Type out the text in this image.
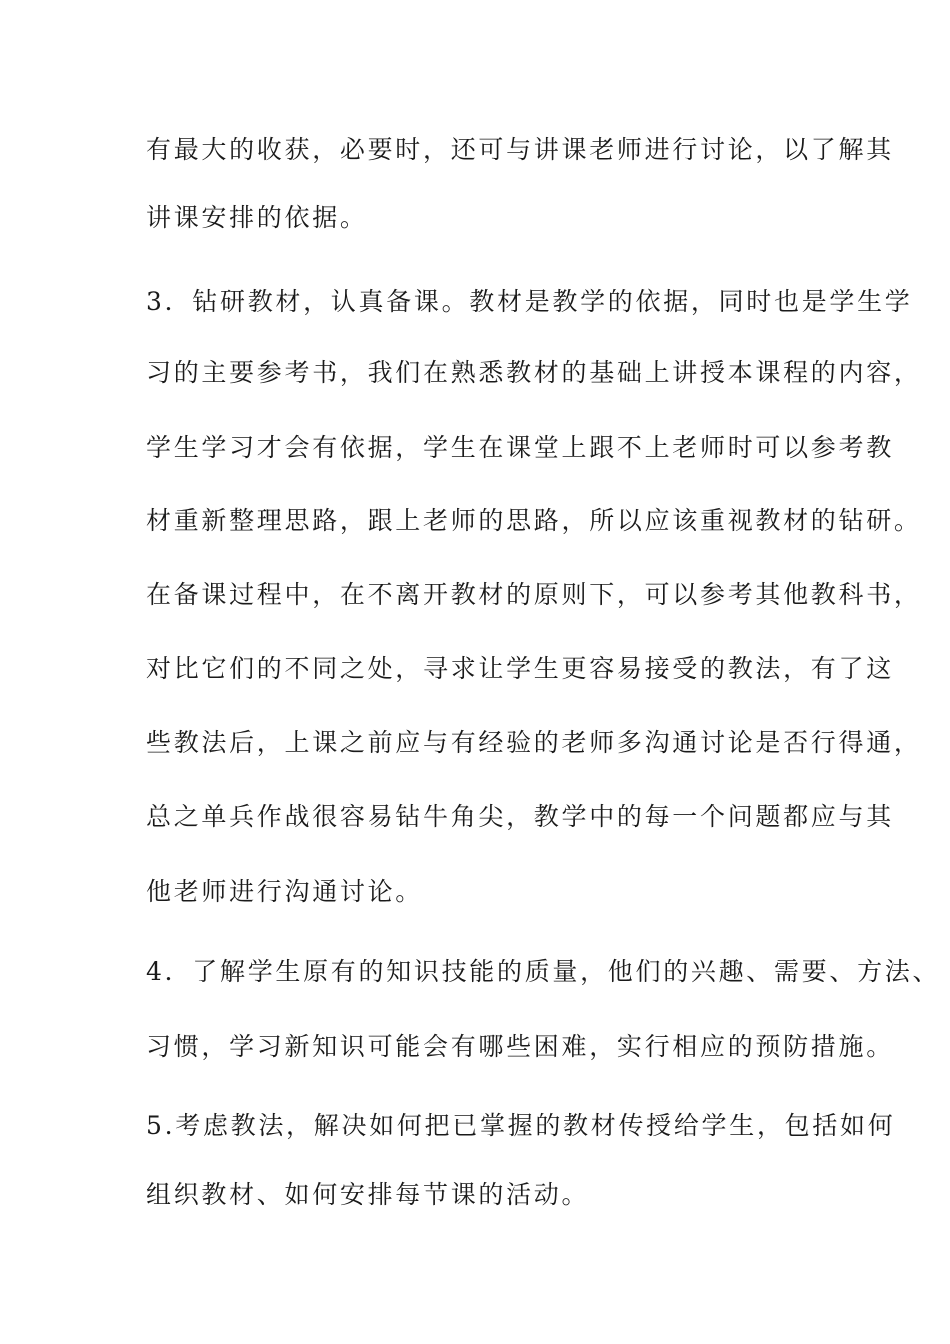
有最大的收获，必要时，还可与讲课老师进行讨论，以了解其
讲课安排的依据。
3．钻研教材，认真备课。教材是教学的依据，同时也是学生学
习的主要参考书，我们在熟悉教材的基础上讲授本课程的内容，
学生学习才会有依据，学生在课堂上跟不上老师时可以参考教
材重新整理思路，跟上老师的思路，所以应该重视教材的钻研。
在备课过程中，在不离开教材的原则下，可以参考其他教科书，
对比它们的不同之处，寻求让学生更容易接受的教法，有了这
些教法后，上课之前应与有经验的老师多沟通讨论是否行得通，
总之单兵作战很容易钻牛角尖，教学中的每一个问题都应与其
他老师进行沟通讨论。
4．了解学生原有的知识技能的质量，他们的兴趣、需要、方法、
习惯，学习新知识可能会有哪些困难，实行相应的预防措施。
5.考虑教法，解决如何把已掌握的教材传授给学生，包括如何
组织教材、如何安排每节课的活动。
